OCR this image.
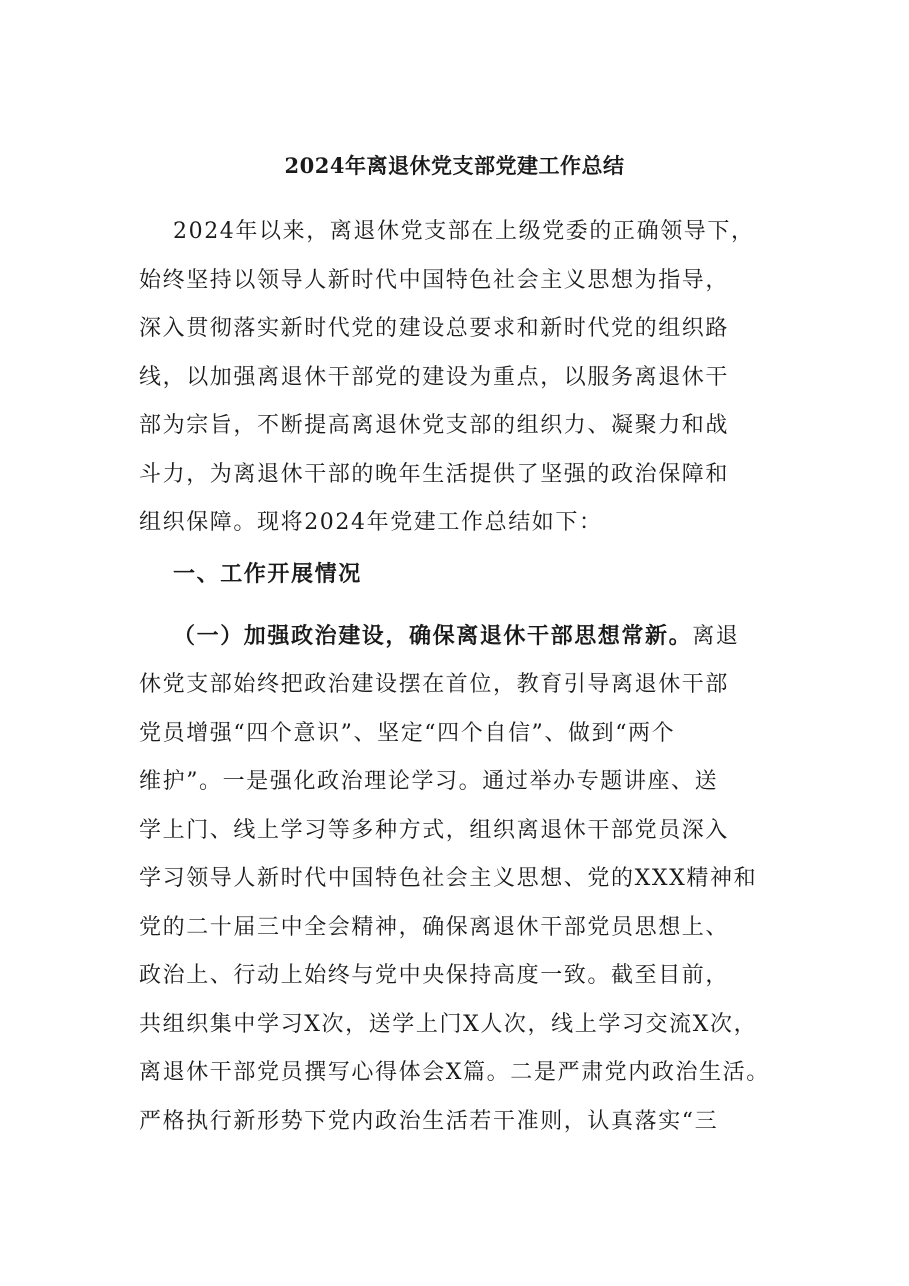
2024年离退休党支部党建工作总结
2024年以来，离退休党支部在上级党委的正确领导下，
始终坚持以领导人新时代中国特色社会主义思想为指导，
深入贯彻落实新时代党的建设总要求和新时代党的组织路
线，以加强离退休干部党的建设为重点，以服务离退休干
部为宗旨，不断提高离退休党支部的组织力、凝聚力和战
斗力，为离退休干部的晚年生活提供了坚强的政治保障和
组织保障。现将2024年党建工作总结如下：
一、工作开展情况
（一）加强政治建设，确保离退休干部思想常新。离退
休党支部始终把政治建设摆在首位，教育引导离退休干部
党员增强“四个意识”、坚定“四个自信”、做到“两个
维护”。一是强化政治理论学习。通过举办专题讲座、送
学上门、线上学习等多种方式，组织离退休干部党员深入
学习领导人新时代中国特色社会主义思想、党的XXX精神和
党的二十届三中全会精神，确保离退休干部党员思想上、
政治上、行动上始终与党中央保持高度一致。截至目前，
共组织集中学习X次，送学上门X人次，线上学习交流X次，
离退休干部党员撰写心得体会X篇。二是严肃党内政治生活。
严格执行新形势下党内政治生活若干准则，认真落实“三
